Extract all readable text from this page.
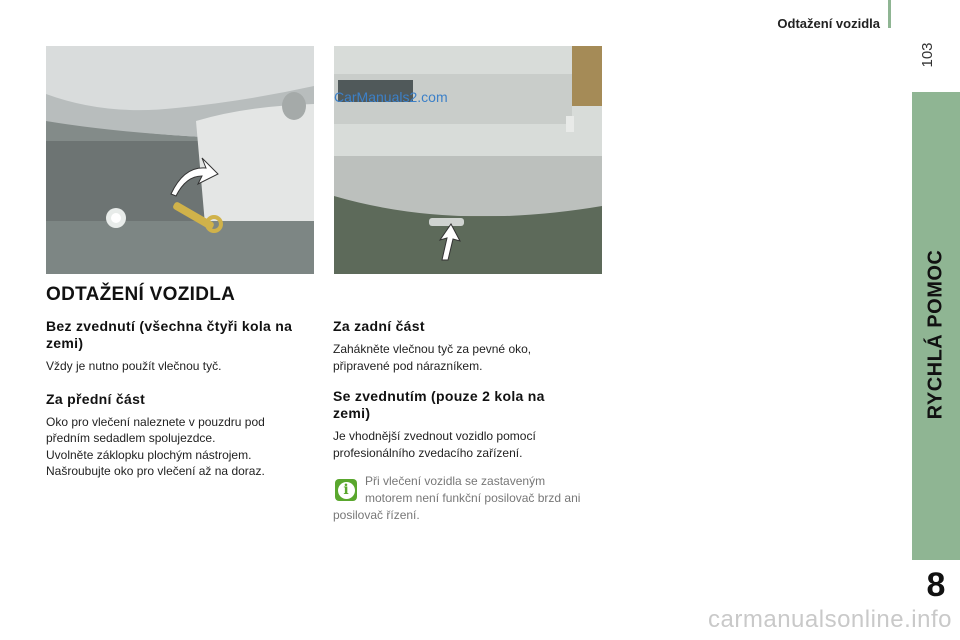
Odtažení vozidla
103
RYCHLÁ POMOC
8
CarManuals2.com
ODTAŽENÍ VOZIDLA
Bez zvednutí (všechna čtyři kola na zemi)

Vždy je nutno použít vlečnou tyč.

Za přední část

Oko pro vlečení naleznete v pouzdru pod předním sedadlem spolujezdce.
Uvolněte záklopku plochým nástrojem.
Našroubujte oko pro vlečení až na doraz.

Za zadní část

Zahákněte vlečnou tyč za pevné oko, připravené pod nárazníkem.

Se zvednutím (pouze 2 kola na zemi)

Je vhodnější zvednout vozidlo pomocí profesionálního zvedacího zařízení.

i

Při vlečení vozidla se zastaveným motorem není funkční posilovač brzd ani posilovač řízení.

carmanualsonline.info
